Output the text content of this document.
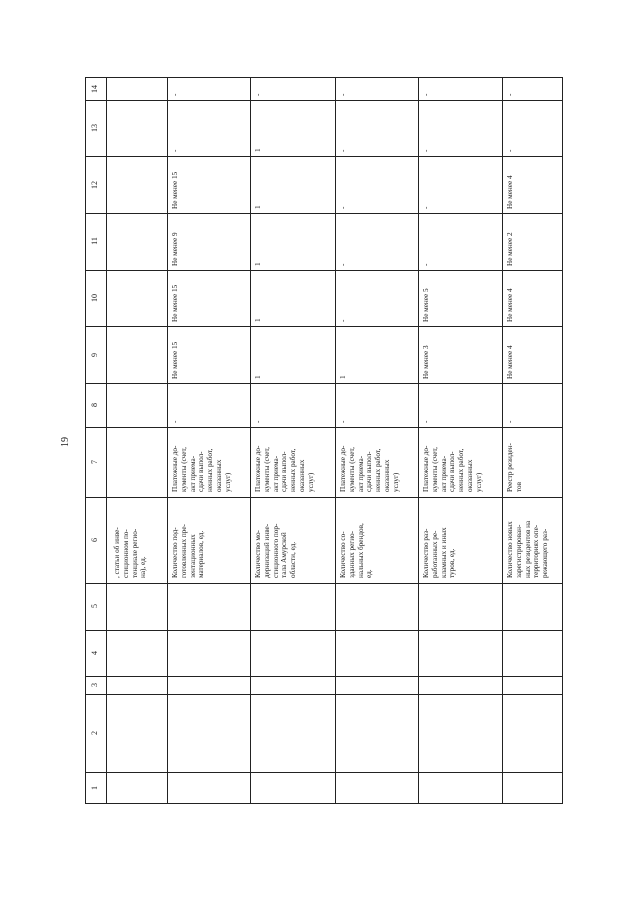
19
14
13
12
11
10
9
8
7
6
5
4
3
2
1
, статьи об инве-
стиционном по-
тенциале регио-
на), ед.	Количество под-
готовленных пре-
зентационных
материалов, ед.
Платежные до-
кументы (счет,
акт приема-
сдачи выпол-
ненных работ,
оказанных
услуг)
-
Не менее 15
Не менее 15
Не менее 9
Не менее 15
-
-
Количество мо-
дернизаций инве-
стиционного пор-
тала Амурской
области, ед.
Платежные до-
кументы (счет,
акт приема-
сдачи выпол-
ненных работ,
оказанных
услуг)
-
1
1
1
1
1
-
Количество со-
зданных регио-
нальных брендов,
ед.
Платежные до-
кументы (счет,
акт приема-
сдачи выпол-
ненных работ,
оказанных
услуг)
-
1
-
-
-
-
-
Количество раз-
работанных ре-
кламных и иных
туров, ед.
Платежные до-
кументы (счет,
акт приема-
сдачи выпол-
ненных работ,
оказанных
услуг)
-
Не менее 3
Не менее 5
-
-
-
-
Количество новых
зарегистрирован-
ных резидентов на
территориях опе-
режающего раз-
Реестр резиден-
тов
-
Не менее 4
Не менее 4
Не менее 2
Не менее 4
-
-
